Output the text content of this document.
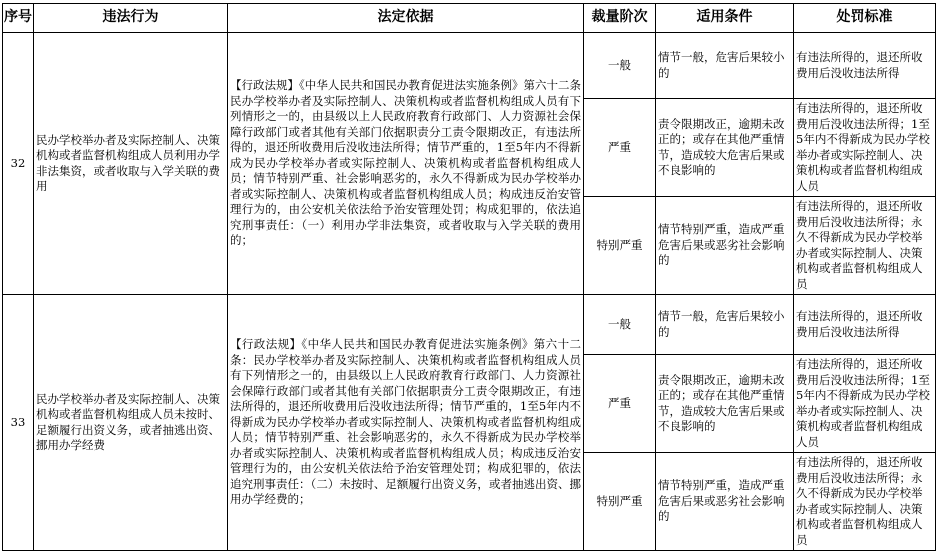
序号	违法行为	法定依据	裁量阶次	适用条件	处罚标准
32	民办学校举办者及实际控制人、决策机构或者监督机构组成人员利用办学非法集资，或者收取与入学关联的费用	【行政法规】《中华人民共和国民办教育促进法实施条例》第六十二条 民办学校举办者及实际控制人、决策机构或者监督机构组成人员有下列情形之一的，由县级以上人民政府教育行政部门、人力资源社会保障行政部门或者其他有关部门依据职责分工责令限期改正，有违法所得的，退还所收费用后没收违法所得；情节严重的，1至5年内不得新成为民办学校举办者或实际控制人、决策机构或者监督机构组成人员；情节特别严重、社会影响恶劣的，永久不得新成为民办学校举办者或实际控制人、决策机构或者监督机构组成人员；构成违反治安管理行为的，由公安机关依法给予治安管理处罚；构成犯罪的，依法追究刑事责任：（一）利用办学非法集资，或者收取与入学关联的费用的；	一般	情节一般，危害后果较小的	有违法所得的，退还所收费用后没收违法所得
			严重	责令限期改正，逾期未改正的；或存在其他严重情节，造成较大危害后果或不良影响的	有违法所得的，退还所收费用后没收违法所得；1至5年内不得新成为民办学校举办者或实际控制人、决策机构或者监督机构组成人员
			特别严重	情节特别严重，造成严重危害后果或恶劣社会影响的	有违法所得的，退还所收费用后没收违法所得；永久不得新成为民办学校举办者或实际控制人、决策机构或者监督机构组成人员
33	民办学校举办者及实际控制人、决策机构或者监督机构组成人员未按时、足额履行出资义务，或者抽逃出资、挪用办学经费	【行政法规】《中华人民共和国民办教育促进法实施条例》第六十二条：民办学校举办者及实际控制人、决策机构或者监督机构组成人员有下列情形之一的，由县级以上人民政府教育行政部门、人力资源社会保障行政部门或者其他有关部门依据职责分工责令限期改正，有违法所得的，退还所收费用后没收违法所得；情节严重的，1至5年内不得新成为民办学校举办者或实际控制人、决策机构或者监督机构组成人员；情节特别严重、社会影响恶劣的，永久不得新成为民办学校举办者或实际控制人、决策机构或者监督机构组成人员；构成违反治安管理行为的，由公安机关依法给予治安管理处罚；构成犯罪的，依法追究刑事责任：（二）未按时、足额履行出资义务，或者抽逃出资、挪用办学经费的；	一般	情节一般，危害后果较小的	有违法所得的，退还所收费用后没收违法所得
			严重	责令限期改正，逾期未改正的；或存在其他严重情节，造成较大危害后果或不良影响的	有违法所得的，退还所收费用后没收违法所得；1至5年内不得新成为民办学校举办者或实际控制人、决策机构或者监督机构组成人员
			特别严重	情节特别严重，造成严重危害后果或恶劣社会影响的	有违法所得的，退还所收费用后没收违法所得；永久不得新成为民办学校举办者或实际控制人、决策机构或者监督机构组成人员
